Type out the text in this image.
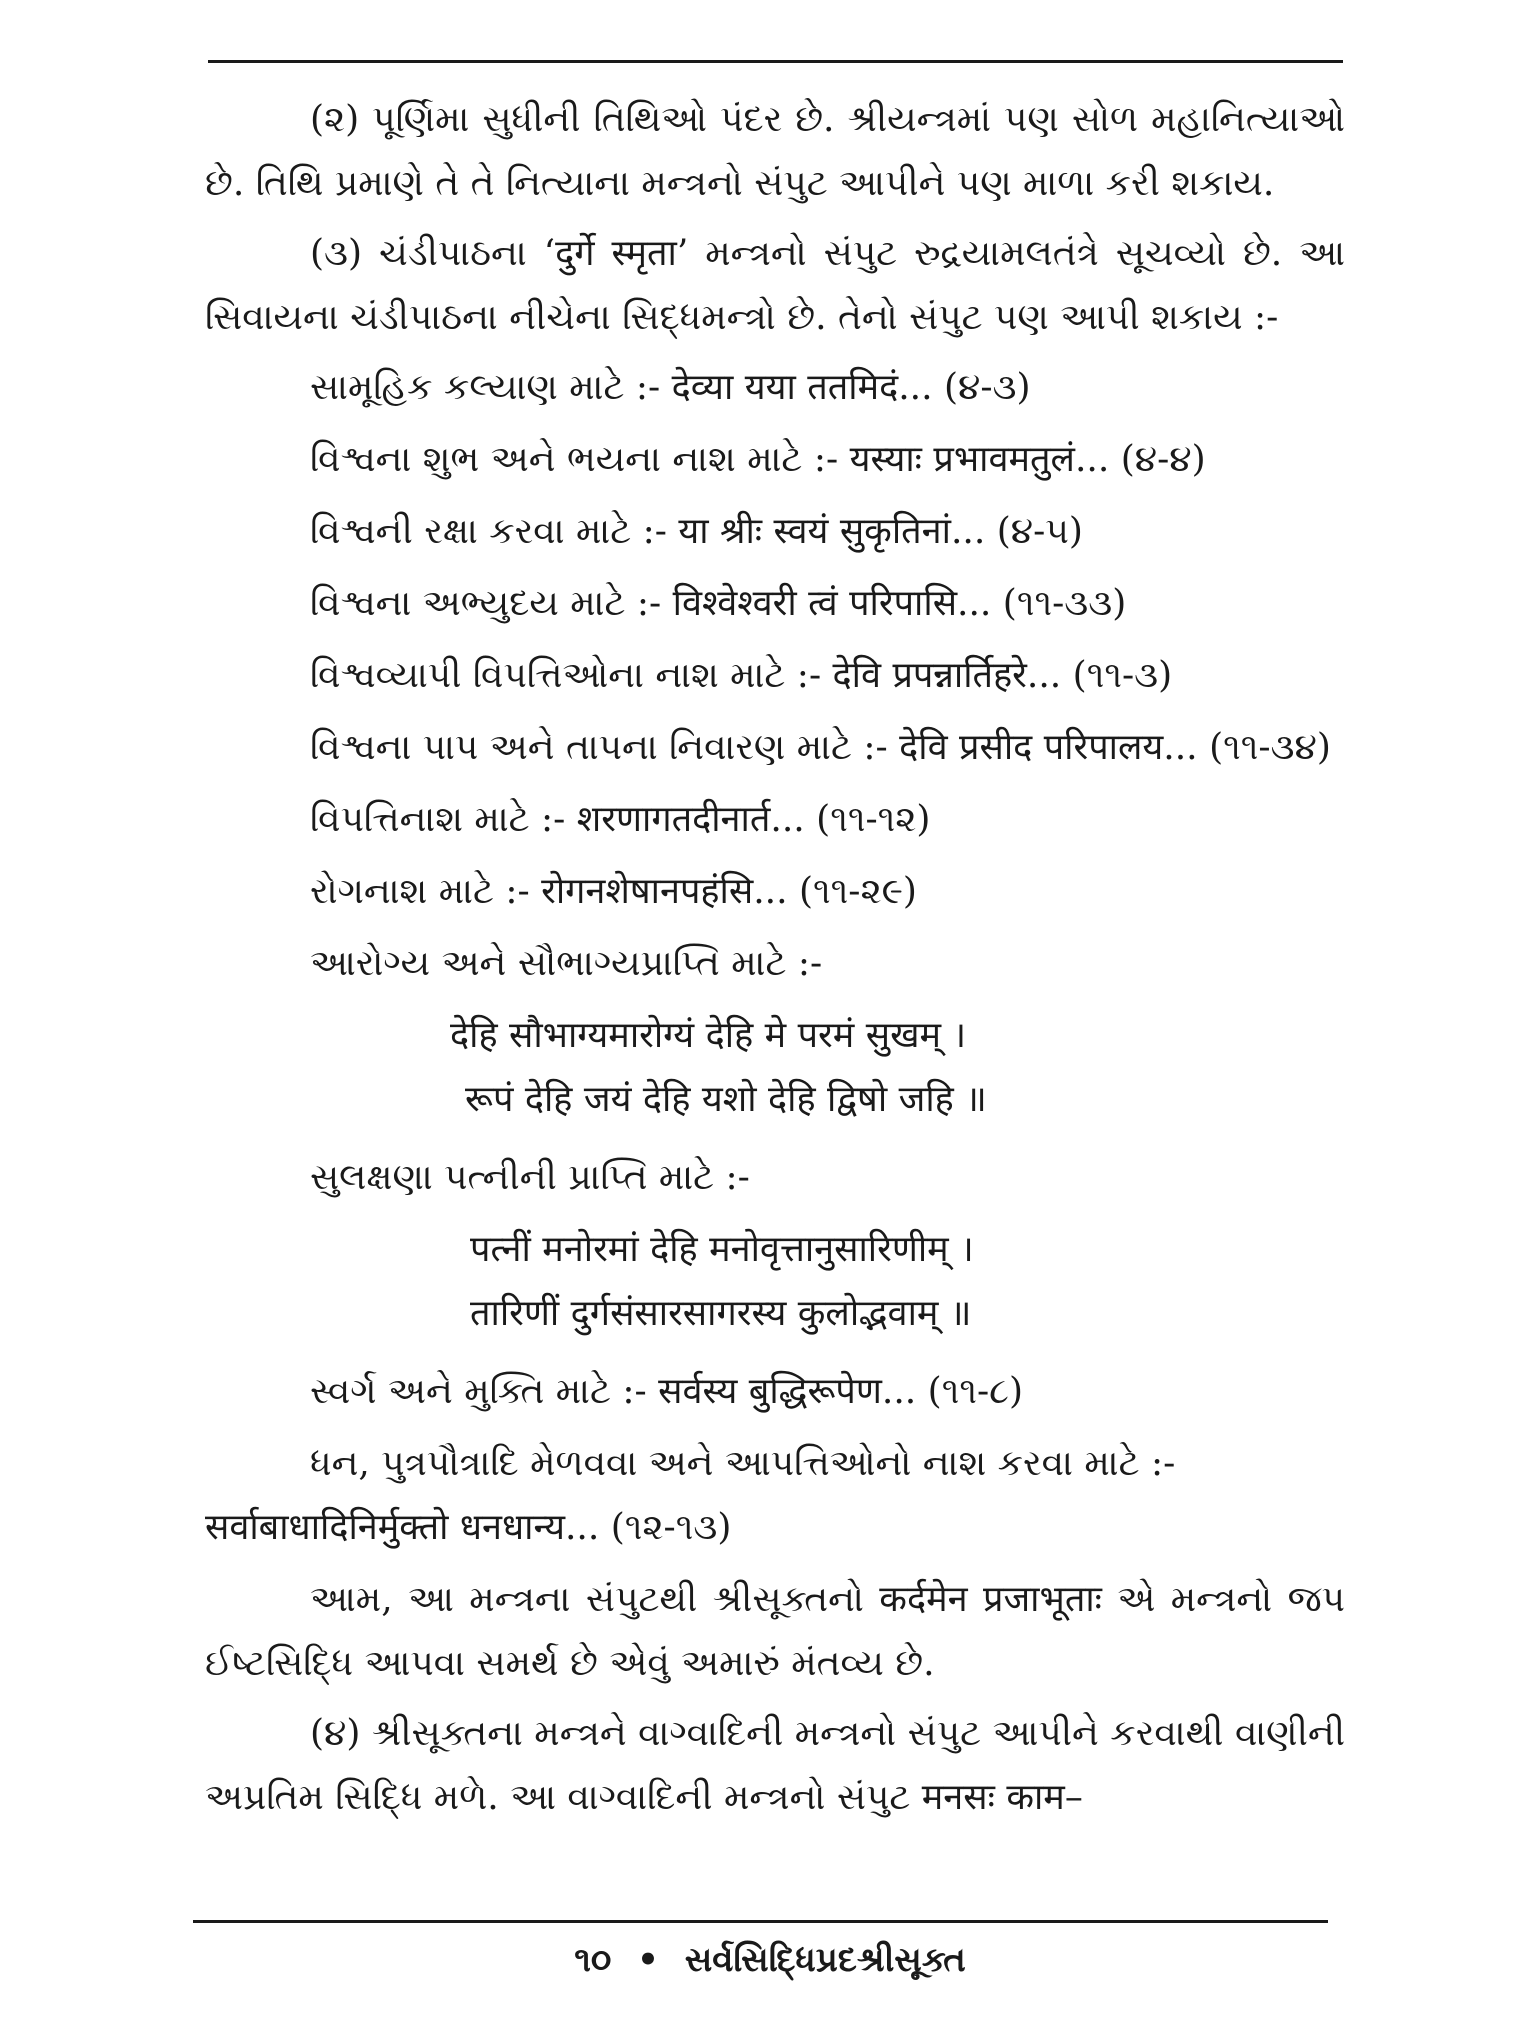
(૨) પૂર્ણિમા સુધીની તિથિઓ પંદર છે. શ્રીયન્ત્રમાં પણ સોળ મહાનિત્યાઓ છે. તિથિ પ્રમાણે તે તે નિત્યાના મન્ત્રનો સંપુટ આપીને પણ માળા કરી શકાય.

(૩) ચંડીપાઠના ‘दुर्गे स्मृता’ મન્ત્રનો સંપુટ રુદ્રયામલતંત્રે સૂચવ્યો છે. આ સિવાયના ચંડીપાઠના નીચેના સિદ્ધમન્ત્રો છે. તેનો સંપુટ પણ આપી શકાય :-

સામૂહિક કલ્યાણ માટે :- देव्या यया ततमिदं... (૪-૩)
વિશ્વના શુભ અને ભયના નાશ માટે :- यस्याः प्रभावमतुलं... (૪-૪)
વિશ્વની રક્ષા કરવા માટે :- या श्रीः स्वयं सुकृतिनां... (૪-૫)
વિશ્વના અભ્યુદય માટે :- विश्वेश्वरी त्वं परिपासि... (૧૧-૩૩)
વિશ્વવ્યાપી વિપત્તિઓના નાશ માટે :- देवि प्रपन्नार्तिहरे... (૧૧-૩)
વિશ્વના પાપ અને તાપના નિવારણ માટે :- देवि प्रसीद परिपालय... (૧૧-૩૪)
વિપત્તિનાશ માટે :- शरणागतदीनार्त... (૧૧-૧૨)
રોગનાશ માટે :- रोगनशेषानपहंसि... (૧૧-૨૯)
આરોગ્ય અને સૌભાગ્યપ્રાપ્તિ માટે :-
देहि सौभाग्यमारोग्यं देहि मे परमं सुखम् ।
रूपं देहि जयं देहि यशो देहि द्विषो जहि ॥
સુલક્ષણા પત્નીની પ્રાપ્તિ માટે :-
पत्नीं मनोरमां देहि मनोवृत्तानुसारिणीम् ।
तारिणीं दुर्गसंसारसागरस्य कुलोद्भवाम् ॥
સ્વર્ગ અને મુક્તિ માટે :- सर्वस्य बुद्धिरूपेण... (૧૧-૮)
ધન, પુત્રપૌત્રાદિ મેળવવા અને આપત્તિઓનો નાશ કરવા માટે :- सर्वाबाधादिनिर्मुक्तो धनधान्य... (૧૨-૧૩)

આમ, આ મન્ત્રના સંપુટથી શ્રીસૂક્તનો कर्दमेन प्रजाभूताः એ મન્ત્રનો જપ ઈષ્ટસિદ્ધિ આપવા સમર્થ છે એવું અમારું મંતવ્ય છે.

(૪) શ્રીસૂક્તના મન્ત્રને વાગ્વાદિની મન્ત્રનો સંપુટ આપીને કરવાથી વાણીની અપ્રતિમ સિદ્ધિ મળે. આ વાગ્વાદિની મન્ત્રનો સંપુટ मनसः काम–

૧૦ • સર્વસિદ્ધિપ્રદશ્રીસૂક્ત
